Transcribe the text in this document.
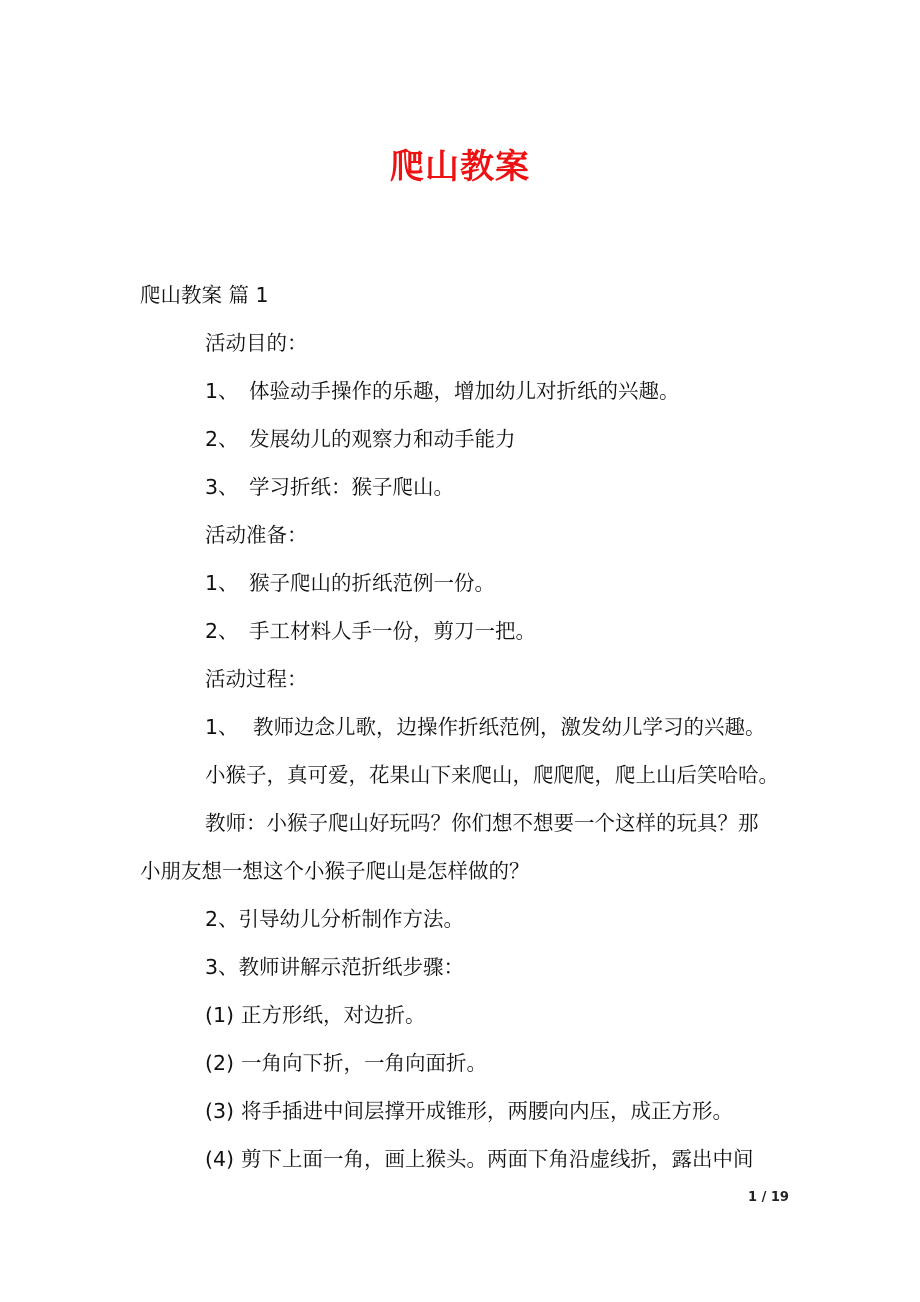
爬山教案
爬山教案 篇 1
活动目的：
1、 体验动手操作的乐趣，增加幼儿对折纸的兴趣。
2、 发展幼儿的观察力和动手能力
3、 学习折纸：猴子爬山。
活动准备：
1、 猴子爬山的折纸范例一份。
2、 手工材料人手一份，剪刀一把。
活动过程：
1、 教师边念儿歌，边操作折纸范例，激发幼儿学习的兴趣。
小猴子，真可爱，花果山下来爬山，爬爬爬，爬上山后笑哈哈。
教师：小猴子爬山好玩吗？你们想不想要一个这样的玩具？那
小朋友想一想这个小猴子爬山是怎样做的？
2、引导幼儿分析制作方法。
3、教师讲解示范折纸步骤：
(1) 正方形纸，对边折。
(2) 一角向下折，一角向面折。
(3) 将手插进中间层撑开成锥形，两腰向内压，成正方形。
(4) 剪下上面一角，画上猴头。两面下角沿虚线折，露出中间
1 / 19
